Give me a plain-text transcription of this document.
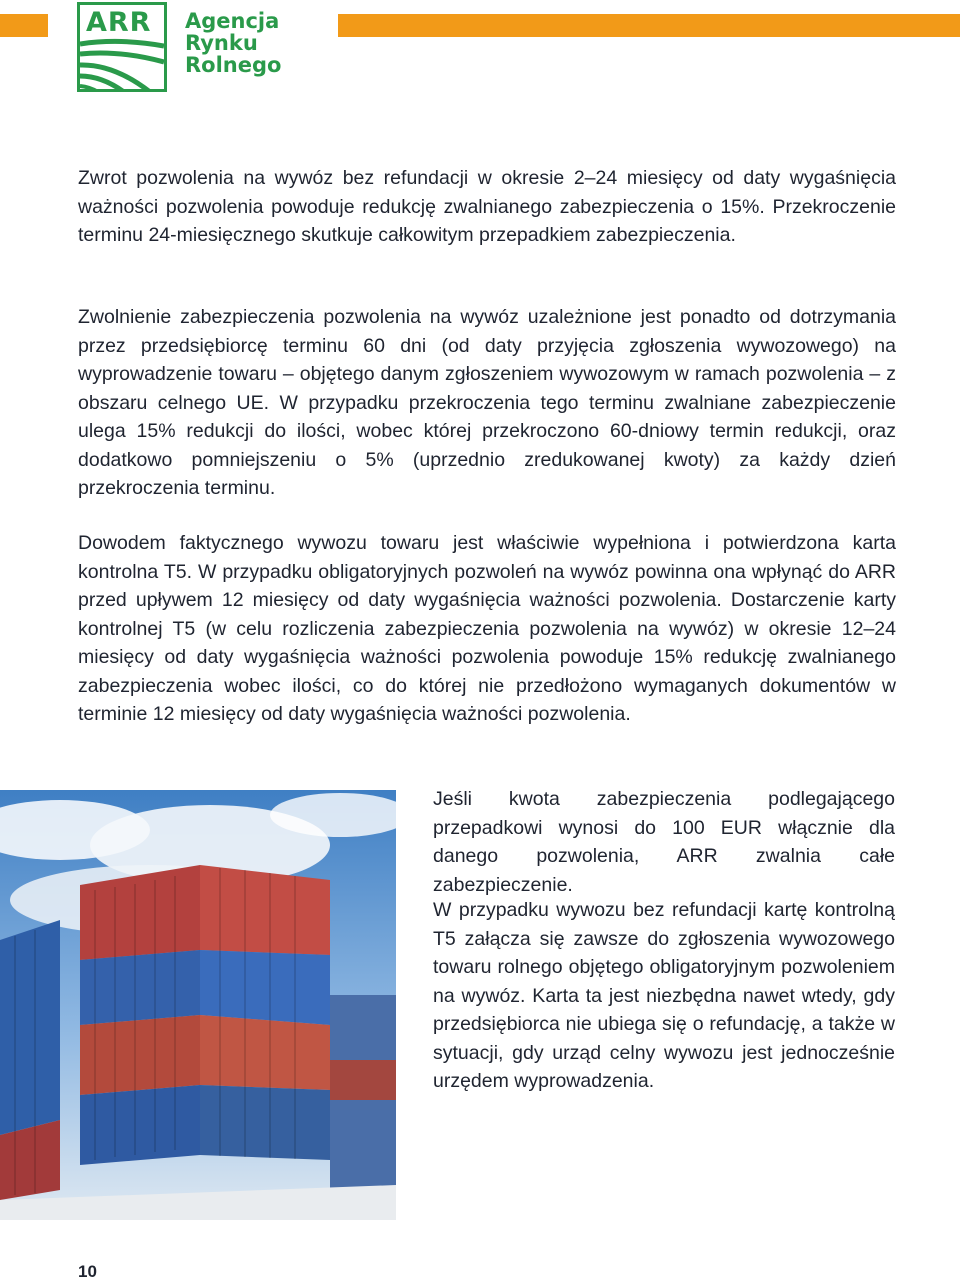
ARR Agencja
Rynku
Rolnego

Zwrot pozwolenia na wywóz bez refundacji w okresie 2–24 miesięcy od daty wygaśnięcia ważności pozwolenia powoduje redukcję zwalnianego zabezpieczenia o 15%. Przekroczenie terminu 24-miesięcznego skutkuje całkowitym przepadkiem zabezpieczenia.

Zwolnienie zabezpieczenia pozwolenia na wywóz uzależnione jest ponadto od dotrzymania przez przedsiębiorcę terminu 60 dni (od daty przyjęcia zgłoszenia wywozowego) na wyprowadzenie towaru – objętego danym zgłoszeniem wywozowym w ramach pozwolenia – z obszaru celnego UE. W przypadku przekroczenia tego terminu zwalniane zabezpieczenie ulega 15% redukcji do ilości, wobec której przekroczono 60-dniowy termin redukcji, oraz dodatkowo pomniejszeniu o 5% (uprzednio zredukowanej kwoty) za każdy dzień przekroczenia terminu.

Dowodem faktycznego wywozu towaru jest właściwie wypełniona i potwierdzona karta kontrolna T5. W przypadku obligatoryjnych pozwoleń na wywóz powinna ona wpłynąć do ARR przed upływem 12 miesięcy od daty wygaśnięcia ważności pozwolenia. Dostarczenie karty kontrolnej T5 (w celu rozliczenia zabezpieczenia pozwolenia na wywóz) w okresie 12–24 miesięcy od daty wygaśnięcia ważności pozwolenia powoduje 15% redukcję zwalnianego zabezpieczenia wobec ilości, co do której nie przedłożono wymaganych dokumentów w terminie 12 miesięcy od daty wygaśnięcia ważności pozwolenia.

Jeśli kwota zabezpieczenia podlegającego przepadkowi wynosi do 100 EUR włącznie dla danego pozwolenia, ARR zwalnia całe zabezpieczenie.

W przypadku wywozu bez refundacji kartę kontrolną T5 załącza się zawsze do zgłoszenia wywozowego towaru rolnego objętego obligatoryjnym pozwoleniem na wywóz. Karta ta jest niezbędna nawet wtedy, gdy przedsiębiorca nie ubiega się o refundację, a także w sytuacji, gdy urząd celny wywozu jest jednocześnie urzędem wyprowadzenia.

10
